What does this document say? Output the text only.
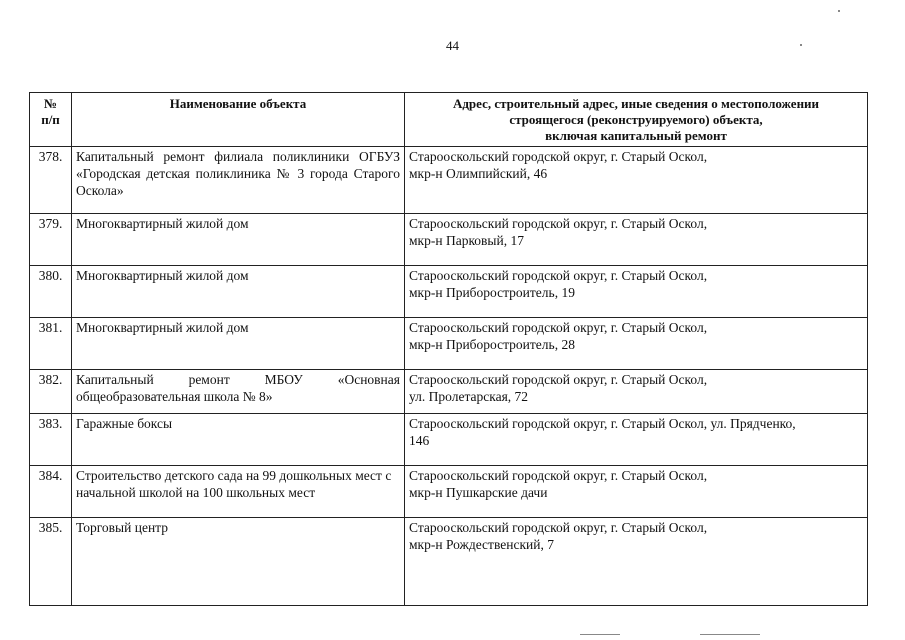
44
№
п/п	Наименование объекта	Адрес, строительный адрес, иные сведения о местоположении
строящегося (реконструируемого) объекта,
включая капитальный ремонт

378.	Капитальный ремонт филиала поликлиники ОГБУЗ «Городская детская поликлиника № 3 города Старого Оскола»	Старооскольский городской округ, г. Старый Оскол,
мкр-н Олимпийский, 46

379.	Многоквартирный жилой дом	Старооскольский городской округ, г. Старый Оскол,
мкр-н Парковый, 17

380.	Многоквартирный жилой дом	Старооскольский городской округ, г. Старый Оскол,
мкр-н Приборостроитель, 19

381.	Многоквартирный жилой дом	Старооскольский городской округ, г. Старый Оскол,
мкр-н Приборостроитель, 28

382.	Капитальный ремонт МБОУ «Основная общеобразовательная школа № 8»	Старооскольский городской округ, г. Старый Оскол,
ул. Пролетарская, 72

383.	Гаражные боксы	Старооскольский городской округ, г. Старый Оскол, ул. Прядченко,
146

384.	Строительство детского сада на 99 дошкольных мест с начальной школой на 100 школьных мест	Старооскольский городской округ, г. Старый Оскол,
мкр-н Пушкарские дачи

385.	Торговый центр	Старооскольский городской округ, г. Старый Оскол,
мкр-н Рождественский, 7
